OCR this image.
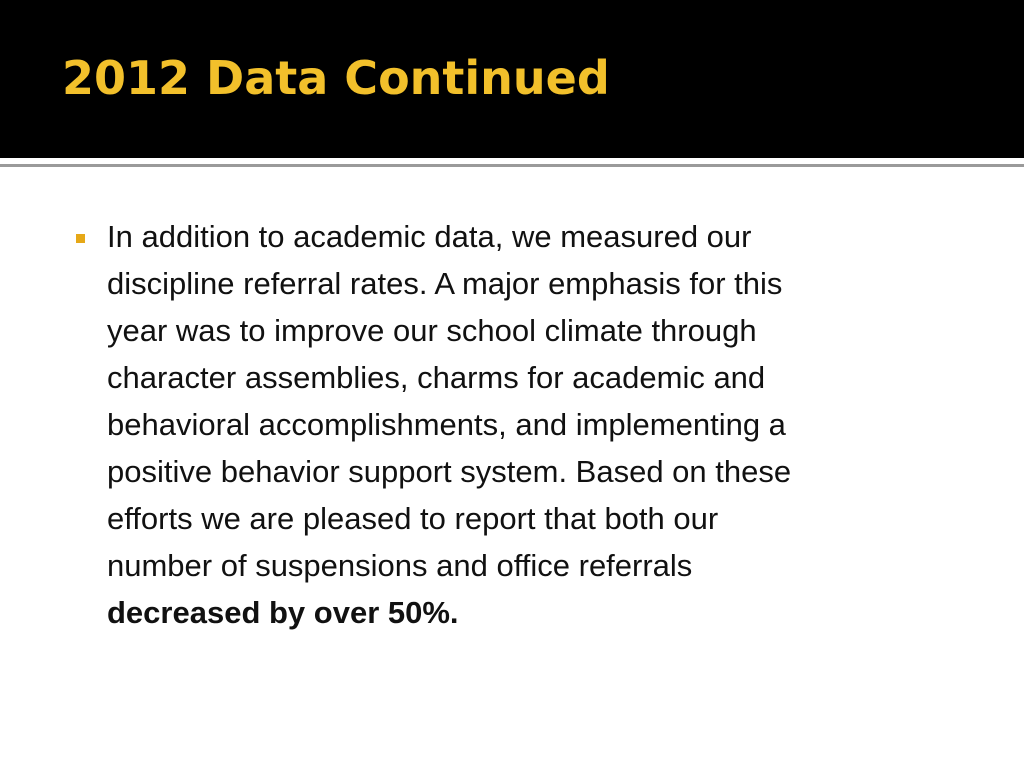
2012 Data Continued

In addition to academic data, we measured our
discipline referral rates. A major emphasis for this
year was to improve our school climate through
character assemblies, charms for academic and
behavioral accomplishments, and implementing a
positive behavior support system. Based on these
efforts we are pleased to report that both our
number of suspensions and office referrals
decreased by over 50%.
